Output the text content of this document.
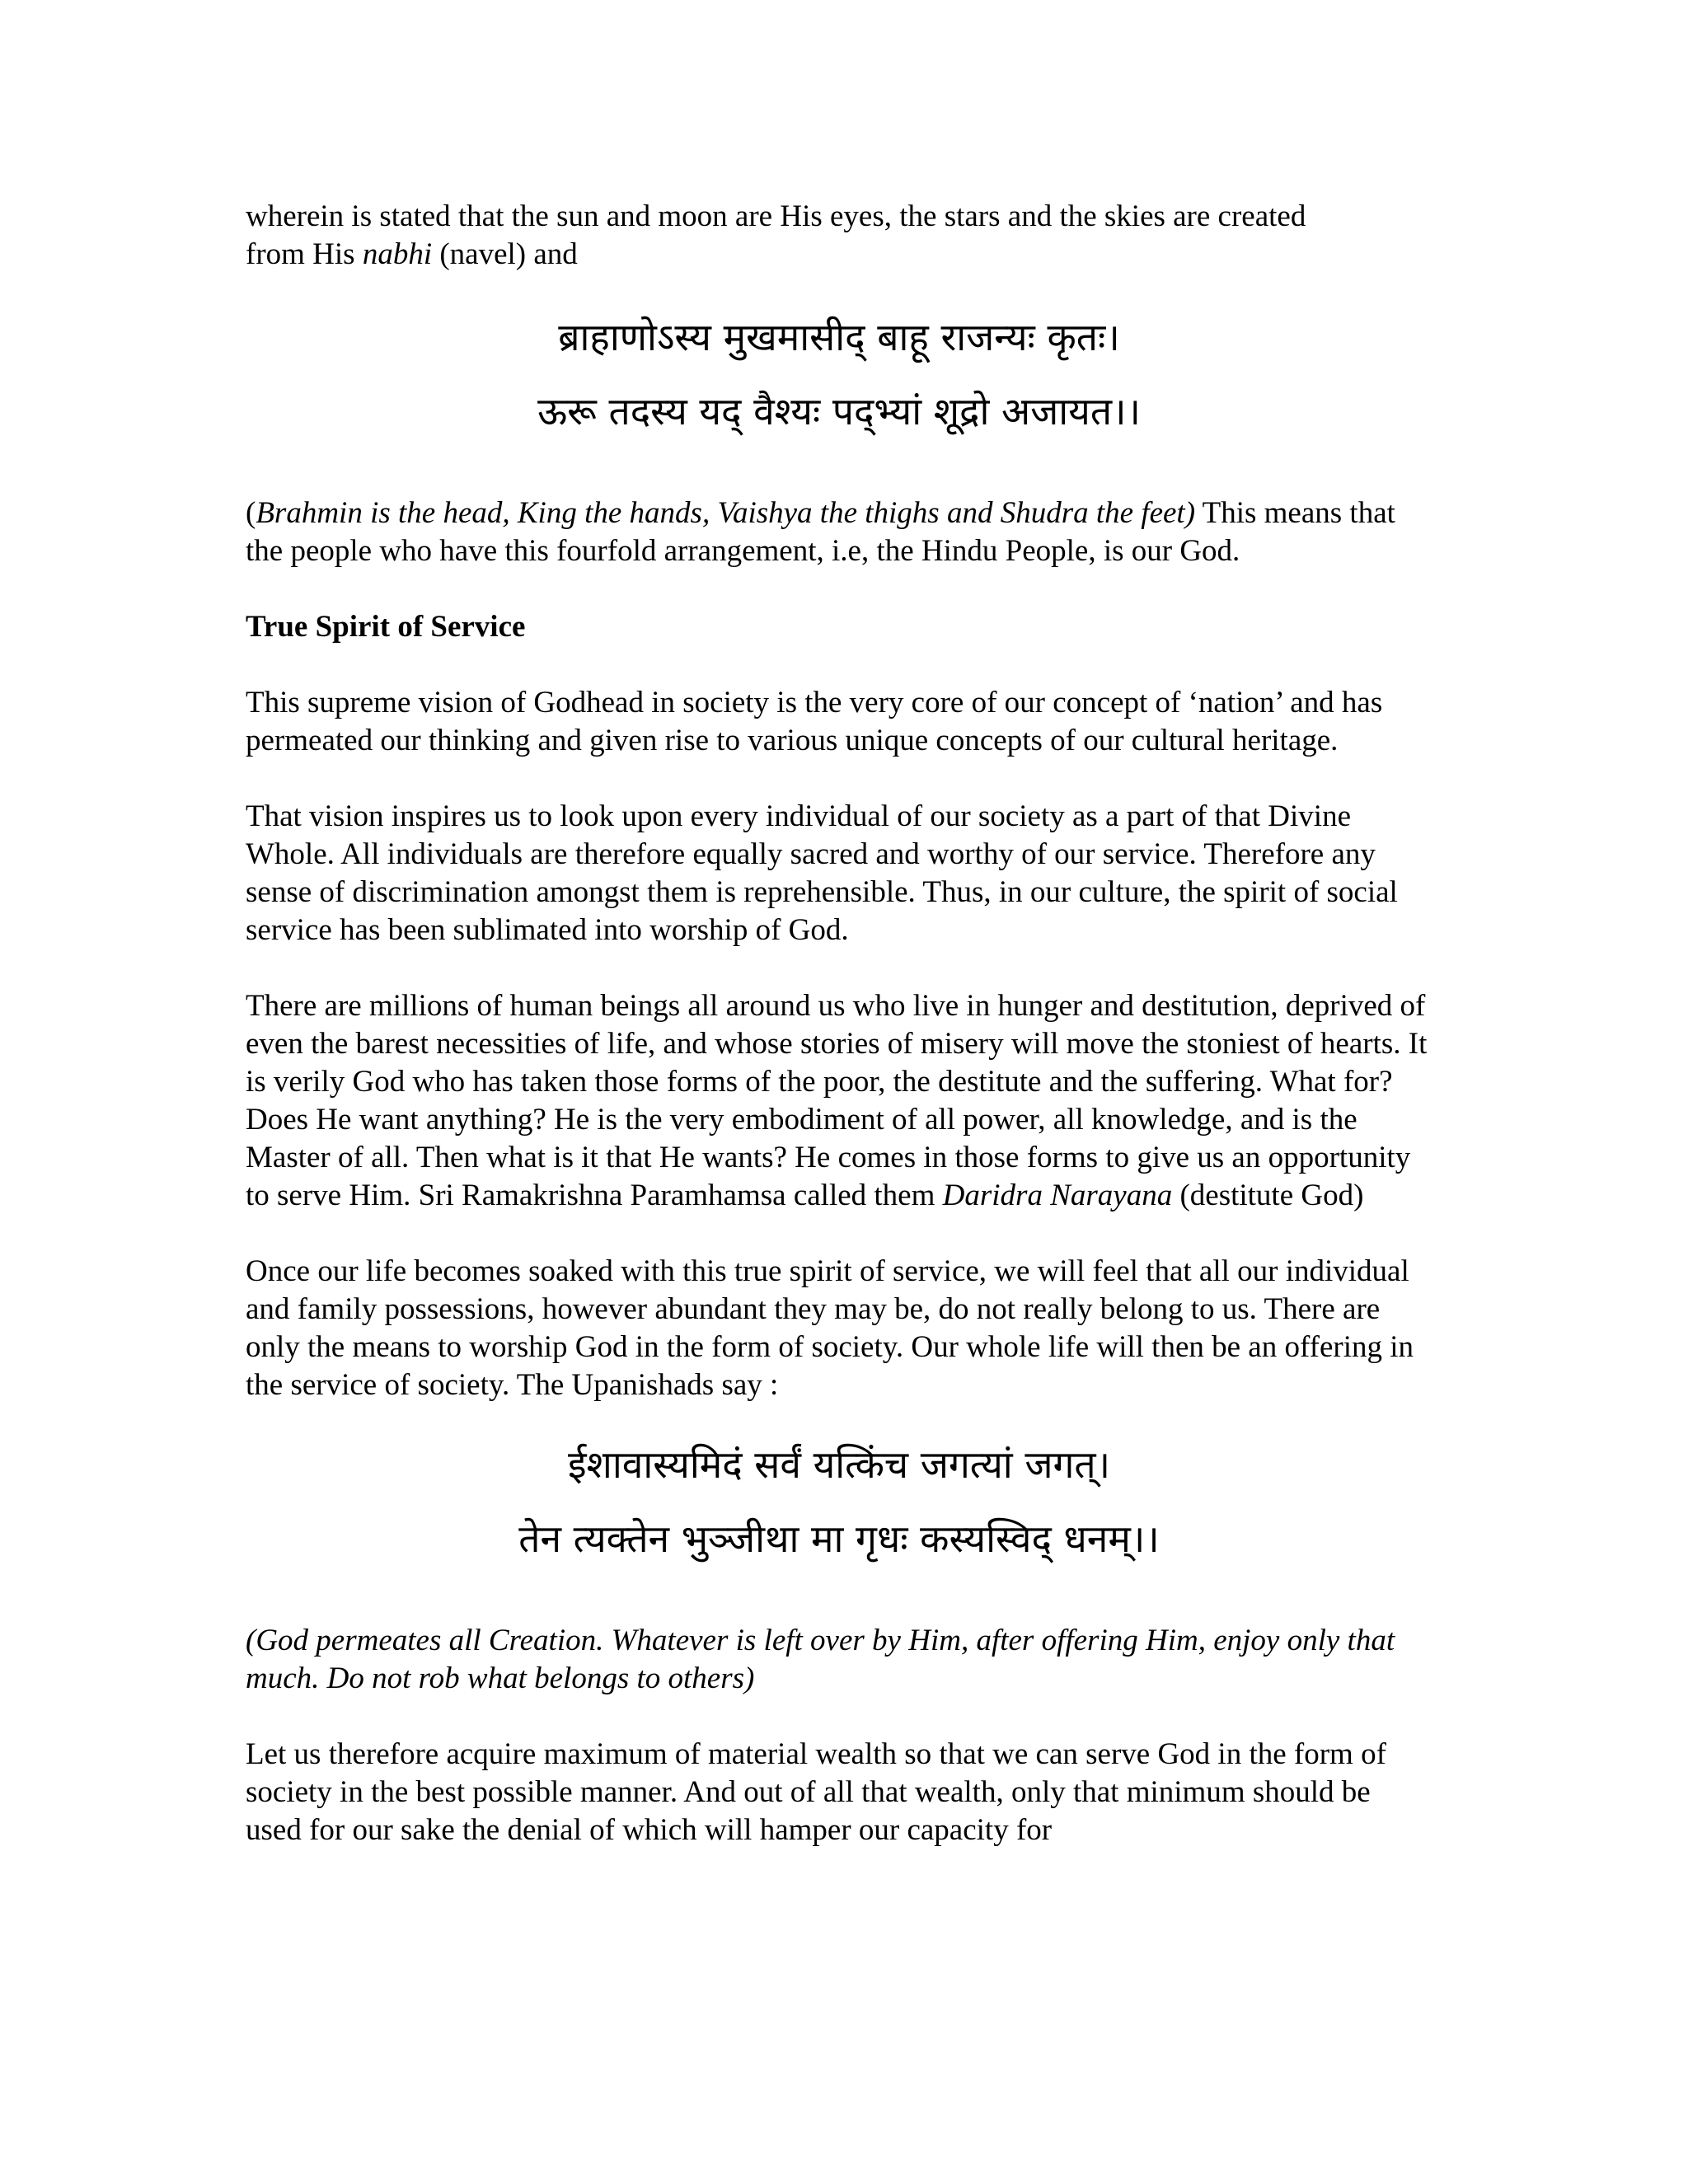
wherein is stated that the sun and moon are His eyes, the stars and the skies are created
from His nabhi (navel) and

ब्राहाणोऽस्य मुखमासीद् बाहू राजन्यः कृतः।
ऊरू तदस्य यद् वैश्यः पद्भ्यां शूद्रो अजायत।।

(Brahmin is the head, King the hands, Vaishya the thighs and Shudra the feet) This means that the people who have this fourfold arrangement, i.e, the Hindu People, is our God.

True Spirit of Service

This supreme vision of Godhead in society is the very core of our concept of ‘nation’ and has permeated our thinking and given rise to various unique concepts of our cultural heritage.

That vision inspires us to look upon every individual of our society as a part of that Divine Whole. All individuals are therefore equally sacred and worthy of our service. Therefore any sense of discrimination amongst them is reprehensible. Thus, in our culture, the spirit of social service has been sublimated into worship of God.

There are millions of human beings all around us who live in hunger and destitution, deprived of even the barest necessities of life, and whose stories of misery will move the stoniest of hearts. It is verily God who has taken those forms of the poor, the destitute and the suffering. What for? Does He want anything? He is the very embodiment of all power, all knowledge, and is the Master of all. Then what is it that He wants? He comes in those forms to give us an opportunity to serve Him. Sri Ramakrishna Paramhamsa called them Daridra Narayana (destitute God)

Once our life becomes soaked with this true spirit of service, we will feel that all our individual and family possessions, however abundant they may be, do not really belong to us. There are only the means to worship God in the form of society. Our whole life will then be an offering in the service of society. The Upanishads say :

ईशावास्यमिदं सर्वं यत्किंच जगत्यां जगत्।
तेन त्यक्तेन भुञ्जीथा मा गृधः कस्यस्विद् धनम्।।

(God permeates all Creation. Whatever is left over by Him, after offering Him, enjoy only that much. Do not rob what belongs to others)

Let us therefore acquire maximum of material wealth so that we can serve God in the form of society in the best possible manner. And out of all that wealth, only that minimum should be used for our sake the denial of which will hamper our capacity for
